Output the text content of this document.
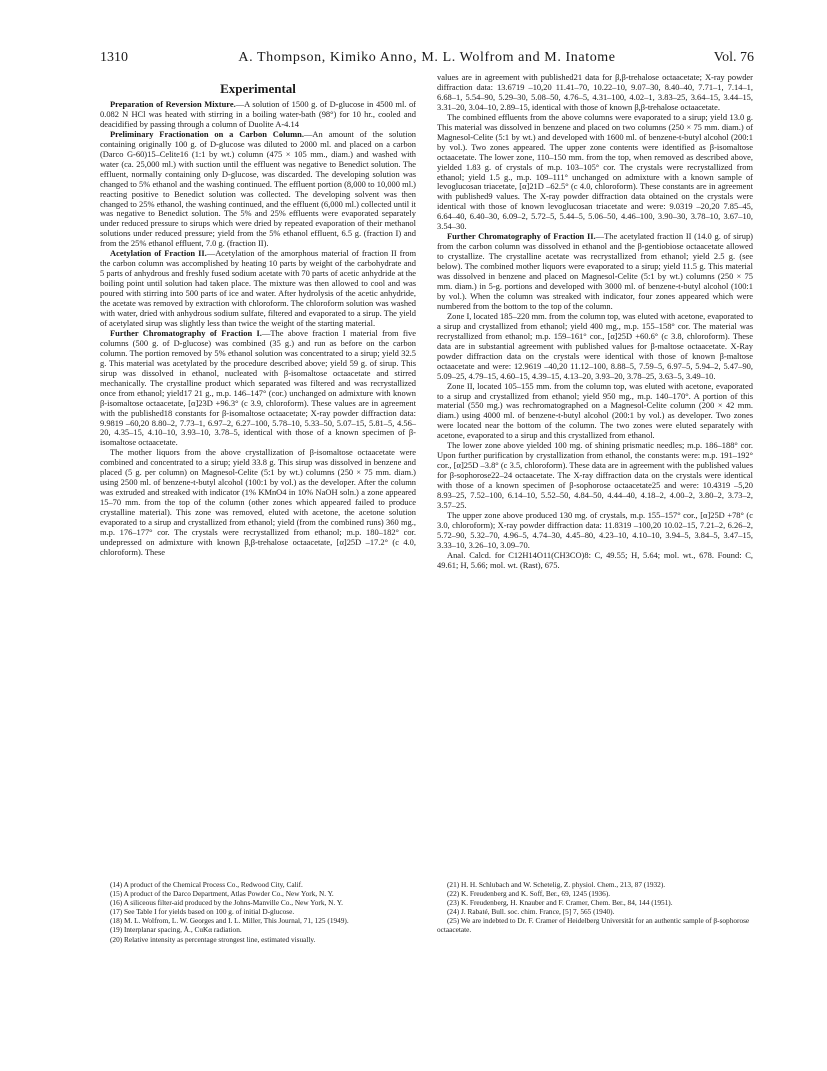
1310	A. Thompson, Kimiko Anno, M. L. Wolfrom and M. Inatome	Vol. 76
Experimental

Preparation of Reversion Mixture.—A solution of 1500 g. of D-glucose in 4500 ml. of 0.082 N HCl was heated with stirring in a boiling water-bath (98°) for 10 hr., cooled and deacidified by passing through a column of Duolite A-4.14

Preliminary Fractionation on a Carbon Column.—An amount of the solution containing originally 100 g. of D-glucose was diluted to 2000 ml. and placed on a carbon (Darco G-60)15–Celite16 (1:1 by wt.) column (475 × 105 mm., diam.) and washed with water (ca. 25,000 ml.) with suction until the effluent was negative to Benedict solution. The effluent, normally containing only D-glucose, was discarded. The developing solution was changed to 5% ethanol and the washing continued. The effluent portion (8,000 to 10,000 ml.) reacting positive to Benedict solution was collected. The developing solvent was then changed to 25% ethanol, the washing continued, and the effluent (6,000 ml.) collected until it was negative to Benedict solution. The 5% and 25% effluents were evaporated separately under reduced pressure to sirups which were dried by repeated evaporation of their methanol solutions under reduced pressure; yield from the 5% ethanol effluent, 6.5 g. (fraction I) and from the 25% ethanol effluent, 7.0 g. (fraction II).

Acetylation of Fraction II.—Acetylation of the amorphous material of fraction II from the carbon column was accomplished by heating 10 parts by weight of the carbohydrate and 5 parts of anhydrous and freshly fused sodium acetate with 70 parts of acetic anhydride at the boiling point until solution had taken place. The mixture was then allowed to cool and was poured with stirring into 500 parts of ice and water. After hydrolysis of the acetic anhydride, the acetate was removed by extraction with chloroform. The chloroform solution was washed with water, dried with anhydrous sodium sulfate, filtered and evaporated to a sirup. The yield of acetylated sirup was slightly less than twice the weight of the starting material.

Further Chromatography of Fraction I.—The above fraction I material from five columns (500 g. of D-glucose) was combined (35 g.) and run as before on the carbon column. The portion removed by 5% ethanol solution was concentrated to a sirup; yield 32.5 g. This material was acetylated by the procedure described above; yield 59 g. of sirup. This sirup was dissolved in ethanol, nucleated with β-isomaltose octaacetate and stirred mechanically. The crystalline product which separated was filtered and was recrystallized once from ethanol; yield17 21 g., m.p. 146–147° (cor.) unchanged on admixture with known β-isomaltose octaacetate, [α]23D +96.3° (c 3.9, chloroform). These values are in agreement with the published18 constants for β-isomaltose octaacetate; X-ray powder diffraction data: 9.9819 –60,20 8.80–2, 7.73–1, 6.97–2, 6.27–100, 5.78–10, 5.33–50, 5.07–15, 5.81–5, 4.56–20, 4.35–15, 4.10–10, 3.93–10, 3.78–5, identical with those of a known specimen of β-isomaltose octaacetate.

The mother liquors from the above crystallization of β-isomaltose octaacetate were combined and concentrated to a sirup; yield 33.8 g. This sirup was dissolved in benzene and placed (5 g. per column) on Magnesol-Celite (5:1 by wt.) columns (250 × 75 mm. diam.) using 2500 ml. of benzene-t-butyl alcohol (100:1 by vol.) as the developer. After the column was extruded and streaked with indicator (1% KMnO4 in 10% NaOH soln.) a zone appeared 15–70 mm. from the top of the column (other zones which appeared failed to produce crystalline material). This zone was removed, eluted with acetone, the acetone solution evaporated to a sirup and crystallized from ethanol; yield (from the combined runs) 360 mg., m.p. 176–177° cor. The crystals were recrystallized from ethanol; m.p. 180–182° cor. undepressed on admixture with known β,β-trehalose octaacetate, [α]25D –17.2° (c 4.0, chloroform). These

values are in agreement with published21 data for β,β-trehalose octaacetate; X-ray powder diffraction data: 13.6719 –10,20 11.41–70, 10.22–10, 9.07–30, 8.40–40, 7.71–1, 7.14–1, 6.68–1, 5.54–90, 5.29–30, 5.08–50, 4.76–5, 4.31–100, 4.02–1, 3.83–25, 3.64–15, 3.44–15, 3.31–20, 3.04–10, 2.89–15, identical with those of known β,β-trehalose octaacetate.

The combined effluents from the above columns were evaporated to a sirup; yield 13.0 g. This material was dissolved in benzene and placed on two columns (250 × 75 mm. diam.) of Magnesol-Celite (5:1 by wt.) and developed with 1600 ml. of benzene-t-butyl alcohol (200:1 by vol.). Two zones appeared. The upper zone contents were identified as β-isomaltose octaacetate. The lower zone, 110–150 mm. from the top, when removed as described above, yielded 1.83 g. of crystals of m.p. 103–105° cor. The crystals were recrystallized from ethanol; yield 1.5 g., m.p. 109–111° unchanged on admixture with a known sample of levoglucosan triacetate, [α]21D –62.5° (c 4.0, chloroform). These constants are in agreement with published9 values. The X-ray powder diffraction data obtained on the crystals were identical with those of known levoglucosan triacetate and were: 9.0319 –20,20 7.85–45, 6.64–40, 6.40–30, 6.09–2, 5.72–5, 5.44–5, 5.06–50, 4.46–100, 3.90–30, 3.78–10, 3.67–10, 3.54–30.

Further Chromatography of Fraction II.—The acetylated fraction II (14.0 g. of sirup) from the carbon column was dissolved in ethanol and the β-gentiobiose octaacetate allowed to crystallize. The crystalline acetate was recrystallized from ethanol; yield 2.5 g. (see below). The combined mother liquors were evaporated to a sirup; yield 11.5 g. This material was dissolved in benzene and placed on Magnesol-Celite (5:1 by wt.) columns (250 × 75 mm. diam.) in 5-g. portions and developed with 3000 ml. of benzene-t-butyl alcohol (100:1 by vol.). When the column was streaked with indicator, four zones appeared which were numbered from the bottom to the top of the column.

Zone I, located 185–220 mm. from the column top, was eluted with acetone, evaporated to a sirup and crystallized from ethanol; yield 400 mg., m.p. 155–158° cor. The material was recrystallized from ethanol; m.p. 159–161° cor., [α]25D +60.6° (c 3.8, chloroform). These data are in substantial agreement with published values for β-maltose octaacetate. X-Ray powder diffraction data on the crystals were identical with those of known β-maltose octaacetate and were: 12.9619 –40,20 11.12–100, 8.88–5, 7.59–5, 6.97–5, 5.94–2, 5.47–90, 5.09–25, 4.79–15, 4.60–15, 4.39–15, 4.13–20, 3.93–20, 3.78–25, 3.63–5, 3.49–10.

Zone II, located 105–155 mm. from the column top, was eluted with acetone, evaporated to a sirup and crystallized from ethanol; yield 950 mg., m.p. 140–170°. A portion of this material (550 mg.) was rechromatographed on a Magnesol-Celite column (200 × 42 mm. diam.) using 4000 ml. of benzene-t-butyl alcohol (200:1 by vol.) as developer. Two zones were located near the bottom of the column. The two zones were eluted separately with acetone, evaporated to a sirup and this crystallized from ethanol.

The lower zone above yielded 100 mg. of shining prismatic needles; m.p. 186–188° cor. Upon further purification by crystallization from ethanol, the constants were: m.p. 191–192° cor., [α]25D –3.8° (c 3.5, chloroform). These data are in agreement with the published values for β-sophorose22–24 octaacetate. The X-ray diffraction data on the crystals were identical with those of a known specimen of β-sophorose octaacetate25 and were: 10.4319 –5,20 8.93–25, 7.52–100, 6.14–10, 5.52–50, 4.84–50, 4.44–40, 4.18–2, 4.00–2, 3.80–2, 3.73–2, 3.57–25.

The upper zone above produced 130 mg. of crystals, m.p. 155–157° cor., [α]25D +78° (c 3.0, chloroform); X-ray powder diffraction data: 11.8319 –100,20 10.02–15, 7.21–2, 6.26–2, 5.72–90, 5.32–70, 4.96–5, 4.74–30, 4.45–80, 4.23–10, 4.10–10, 3.94–5, 3.84–5, 3.47–15, 3.33–10, 3.26–10, 3.09–70.

Anal. Calcd. for C12H14O11(CH3CO)8: C, 49.55; H, 5.64; mol. wt., 678. Found: C, 49.61; H, 5.66; mol. wt. (Rast), 675.

(14) A product of the Chemical Process Co., Redwood City, Calif.

(15) A product of the Darco Department, Atlas Powder Co., New York, N. Y.

(16) A siliceous filter-aid produced by the Johns-Manville Co., New York, N. Y.

(17) See Table I for yields based on 100 g. of initial D-glucose.

(18) M. L. Wolfrom, L. W. Georges and I. L. Miller, This Journal, 71, 125 (1949).

(19) Interplanar spacing, Å., CuKα radiation.

(20) Relative intensity as percentage strongest line, estimated visually.

(21) H. H. Schlubach and W. Schetelig, Z. physiol. Chem., 213, 87 (1932).

(22) K. Freudenberg and K. Soff, Ber., 69, 1245 (1936).

(23) K. Freudenberg, H. Knauber and F. Cramer, Chem. Ber., 84, 144 (1951).

(24) J. Rabaté, Bull. soc. chim. France, [5] 7, 565 (1940).

(25) We are indebted to Dr. F. Cramer of Heidelberg Universität for an authentic sample of β-sophorose octaacetate.
